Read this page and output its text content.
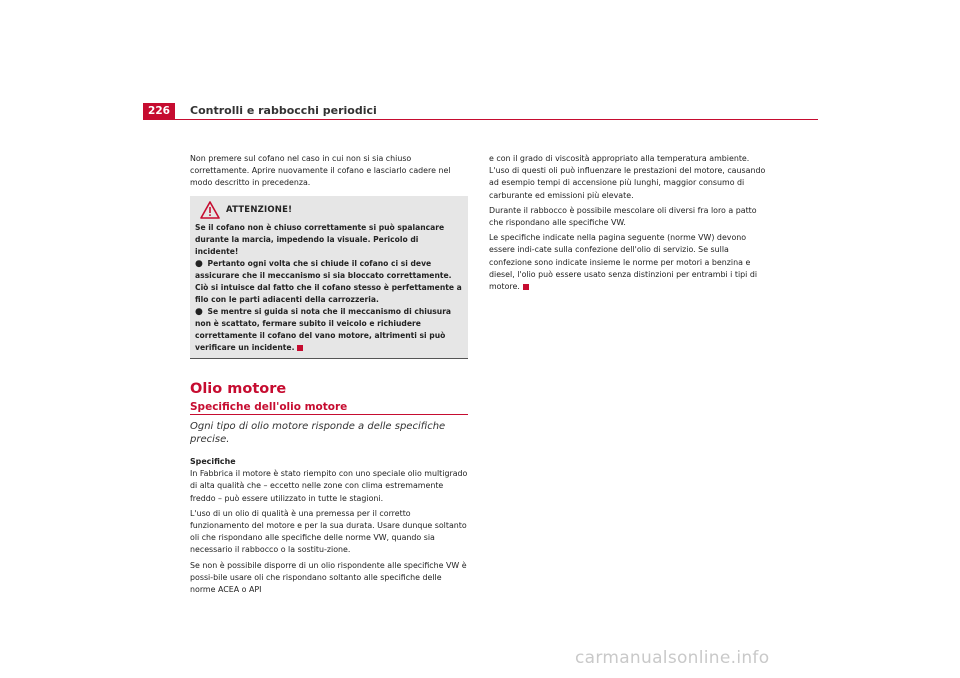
226	Controlli e rabbocchi periodici

Non premere sul cofano nel caso in cui non si sia chiuso correttamente. Aprire nuovamente il cofano e lasciarlo cadere nel modo descritto in precedenza.

ATTENZIONE!

Se il cofano non è chiuso correttamente si può spalancare durante la marcia, impedendo la visuale. Pericolo di incidente!

● Pertanto ogni volta che si chiude il cofano ci si deve assicurare che il meccanismo si sia bloccato correttamente. Ciò si intuisce dal fatto che il cofano stesso è perfettamente a filo con le parti adiacenti della carrozzeria.

● Se mentre si guida si nota che il meccanismo di chiusura non è scattato, fermare subito il veicolo e richiudere correttamente il cofano del vano motore, altrimenti si può verificare un incidente.

Olio motore
Specifiche dell'olio motore
Ogni tipo di olio motore risponde a delle specifiche precise.
Specifiche

In Fabbrica il motore è stato riempito con uno speciale olio multigrado di alta qualità che – eccetto nelle zone con clima estremamente freddo – può essere utilizzato in tutte le stagioni.

L'uso di un olio di qualità è una premessa per il corretto funzionamento del motore e per la sua durata. Usare dunque soltanto oli che rispondano alle specifiche delle norme VW, quando sia necessario il rabbocco o la sostitu-zione.

Se non è possibile disporre di un olio rispondente alle specifiche VW è possi-bile usare oli che rispondano soltanto alle specifiche delle norme ACEA o API

e con il grado di viscosità appropriato alla temperatura ambiente. L'uso di questi oli può influenzare le prestazioni del motore, causando ad esempio tempi di accensione più lunghi, maggior consumo di carburante ed emissioni più elevate.

Durante il rabbocco è possibile mescolare oli diversi fra loro a patto che rispondano alle specifiche VW.

Le specifiche indicate nella pagina seguente (norme VW) devono essere indi-cate sulla confezione dell'olio di servizio. Se sulla confezione sono indicate insieme le norme per motori a benzina e diesel, l'olio può essere usato senza distinzioni per entrambi i tipi di motore.

carmanualsonline.info
